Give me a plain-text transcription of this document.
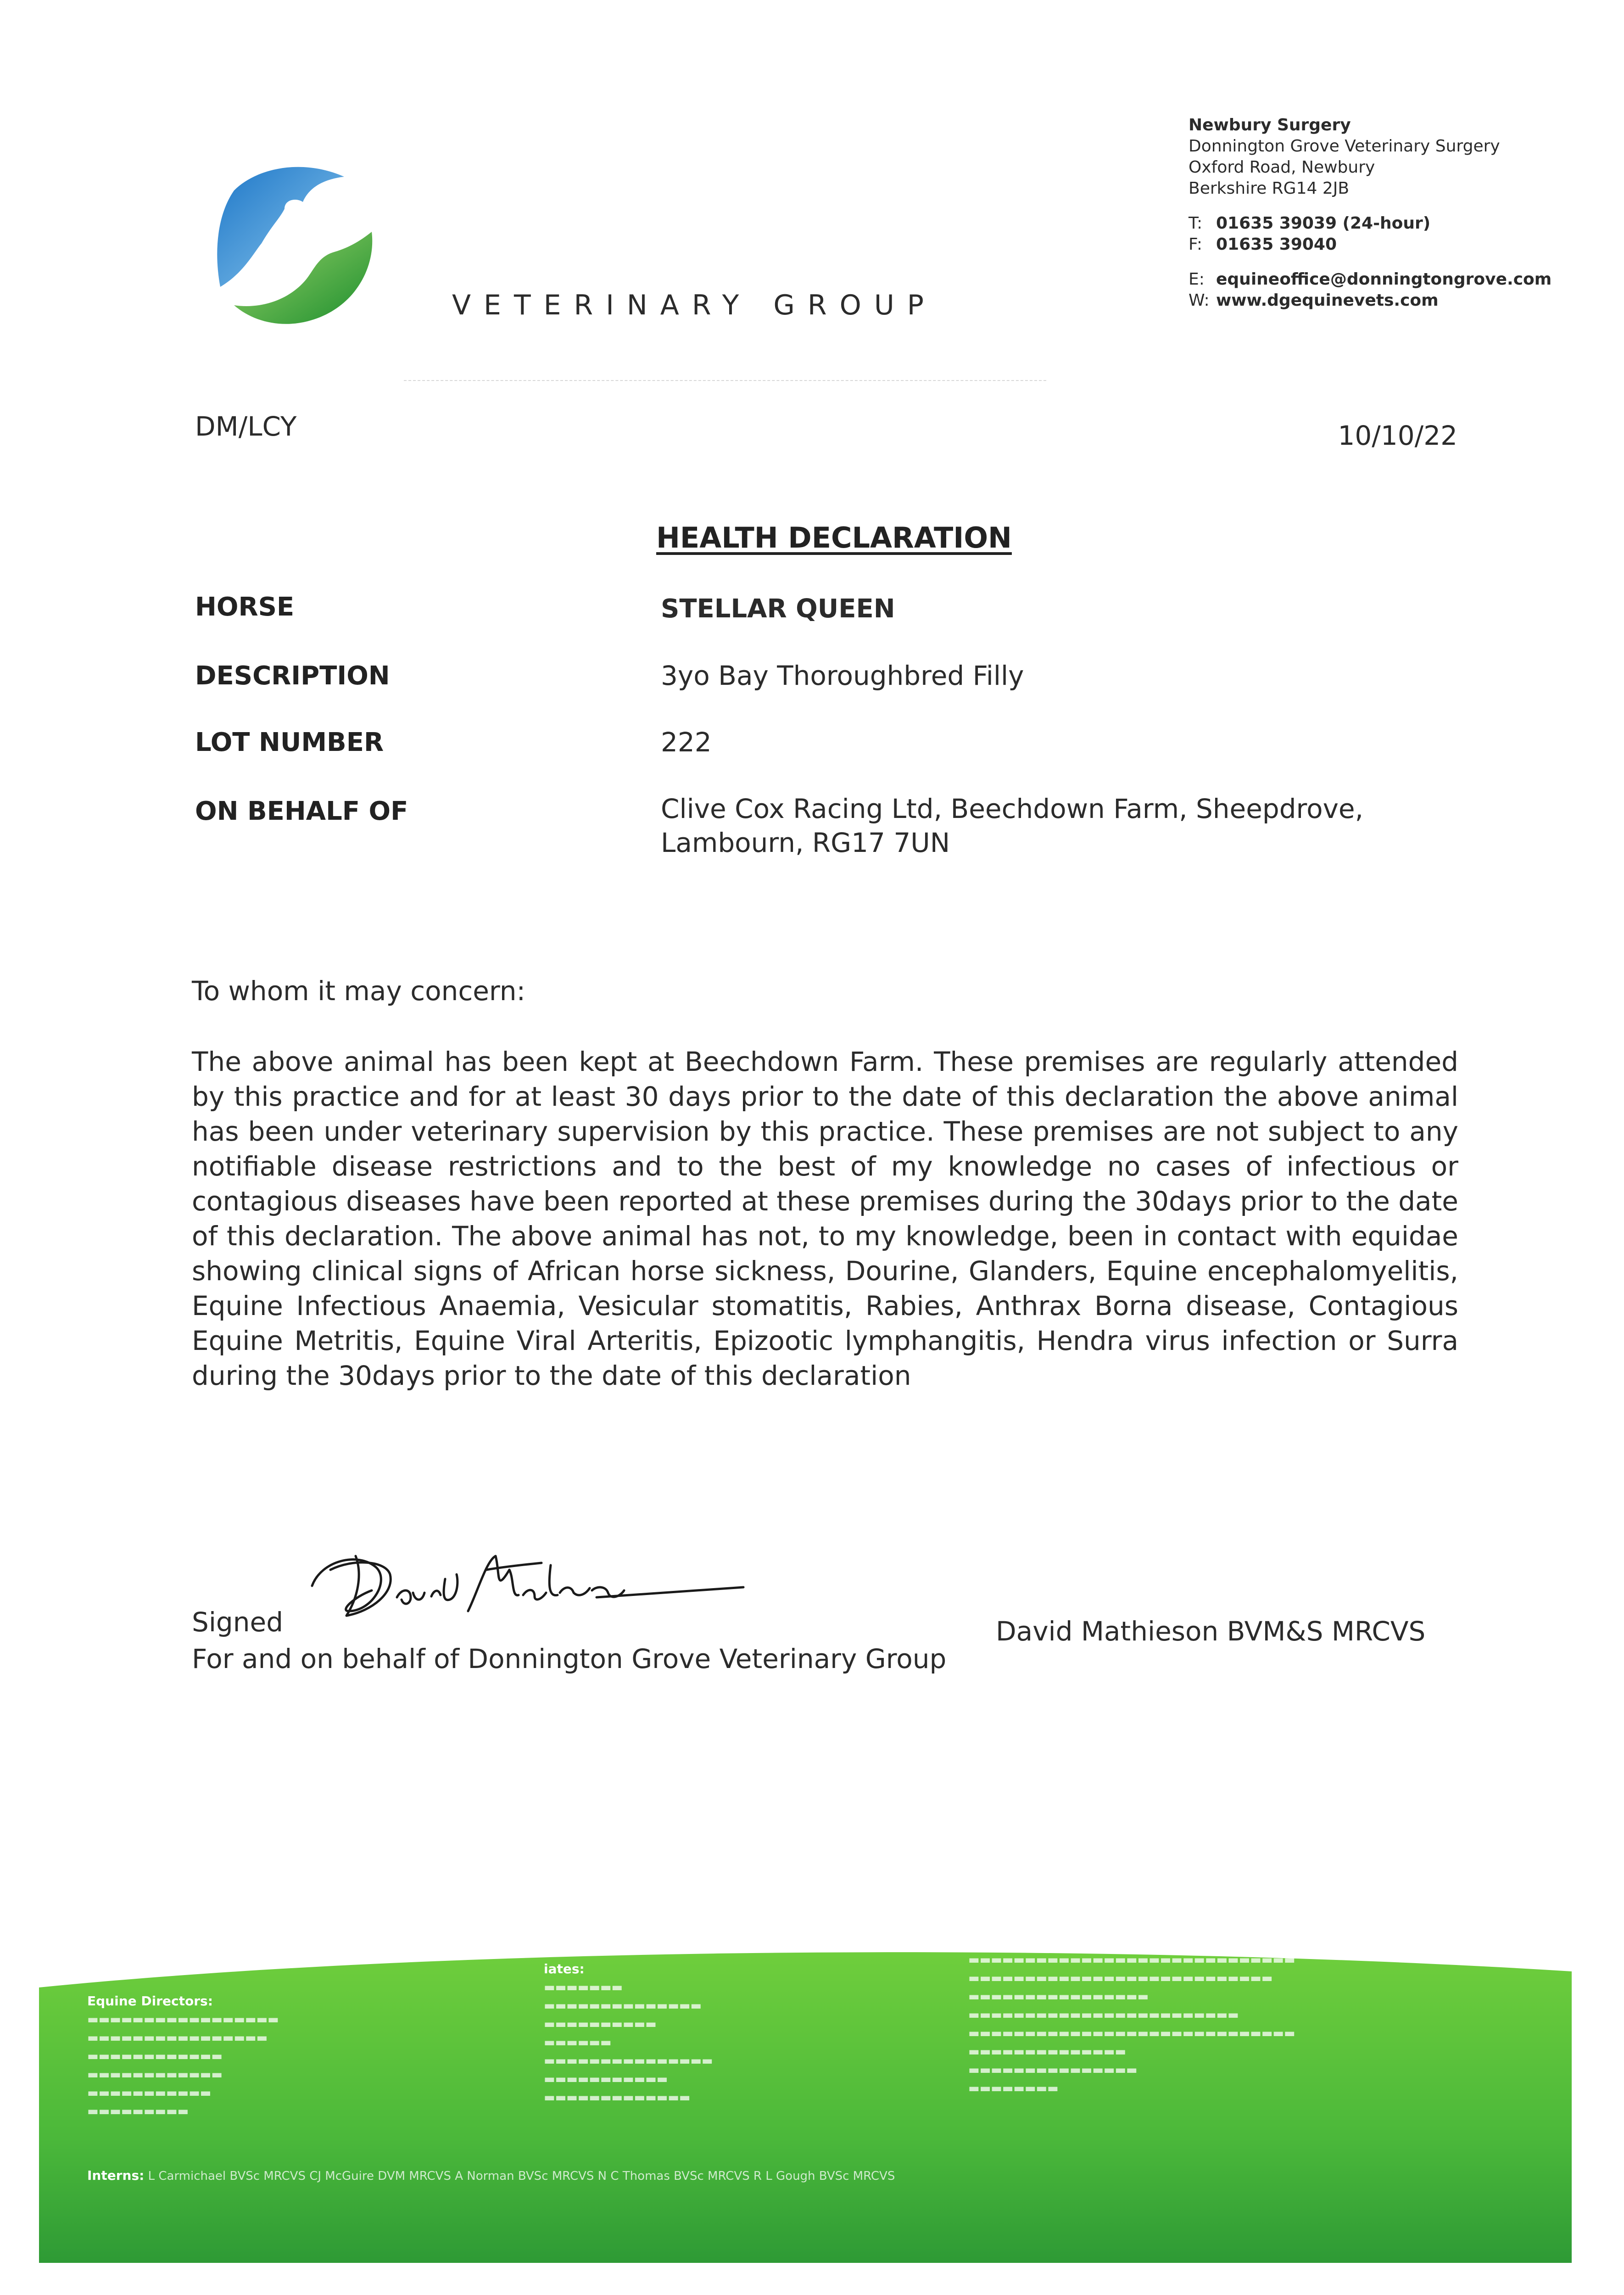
VETERINARY GROUP
Newbury Surgery
Donnington Grove Veterinary Surgery
Oxford Road, Newbury
Berkshire RG14 2JB
T: 01635 39039 (24-hour)
F: 01635 39040
E: equineoffice@donningtongrove.com
W: www.dgequinevets.com
DM/LCY	10/10/22
HEALTH DECLARATION
HORSE	STELLAR QUEEN
DESCRIPTION	3yo Bay Thoroughbred Filly
LOT NUMBER	222
ON BEHALF OF	Clive Cox Racing Ltd, Beechdown Farm, Sheepdrove, Lambourn, RG17 7UN
To whom it may concern:
The above animal has been kept at Beechdown Farm. These premises are regularly attended by this practice and for at least 30 days prior to the date of this declaration the above animal has been under veterinary supervision by this practice. These premises are not subject to any notifiable disease restrictions and to the best of my knowledge no cases of infectious or contagious diseases have been reported at these premises during the 30days prior to the date of this declaration. The above animal has not, to my knowledge, been in contact with equidae showing clinical signs of African horse sickness, Dourine, Glanders, Equine encephalomyelitis, Equine Infectious Anaemia, Vesicular stomatitis, Rabies, Anthrax Borna disease, Contagious Equine Metritis, Equine Viral Arteritis, Epizootic lymphangitis, Hendra virus infection or Surra during the 30days prior to the date of this declaration
Signed	David Mathieson BVM&S MRCVS
For and on behalf of Donnington Grove Veterinary Group
Equine Directors:
▬▬▬▬▬▬▬▬▬▬▬▬▬▬▬▬▬
▬▬▬▬▬▬▬▬▬▬▬▬▬▬▬▬
▬▬▬▬▬▬▬▬▬▬▬▬
▬▬▬▬▬▬▬▬▬▬▬▬
▬▬▬▬▬▬▬▬▬▬▬
▬▬▬▬▬▬▬▬▬
iates:
▬▬▬▬▬▬▬
▬▬▬▬▬▬▬▬▬▬▬▬▬▬
▬▬▬▬▬▬▬▬▬▬
▬▬▬▬▬▬
▬▬▬▬▬▬▬▬▬▬▬▬▬▬▬
▬▬▬▬▬▬▬▬▬▬▬
▬▬▬▬▬▬▬▬▬▬▬▬▬
▬▬▬▬▬▬▬▬▬▬▬▬▬▬▬▬▬▬▬▬▬▬▬▬▬▬▬▬▬
▬▬▬▬▬▬▬▬▬▬▬▬▬▬▬▬▬▬▬▬▬▬▬▬▬▬▬
▬▬▬▬▬▬▬▬▬▬▬▬▬▬▬▬
▬▬▬▬▬▬▬▬▬▬▬▬▬▬▬▬▬▬▬▬▬▬▬▬
▬▬▬▬▬▬▬▬▬▬▬▬▬▬▬▬▬▬▬▬▬▬▬▬▬▬▬▬▬
▬▬▬▬▬▬▬▬▬▬▬▬▬▬
▬▬▬▬▬▬▬▬▬▬▬▬▬▬▬
▬▬▬▬▬▬▬▬
Interns: L Carmichael BVSc MRCVS CJ McGuire DVM MRCVS A Norman BVSc MRCVS N C Thomas BVSc MRCVS R L Gough BVSc MRCVS
